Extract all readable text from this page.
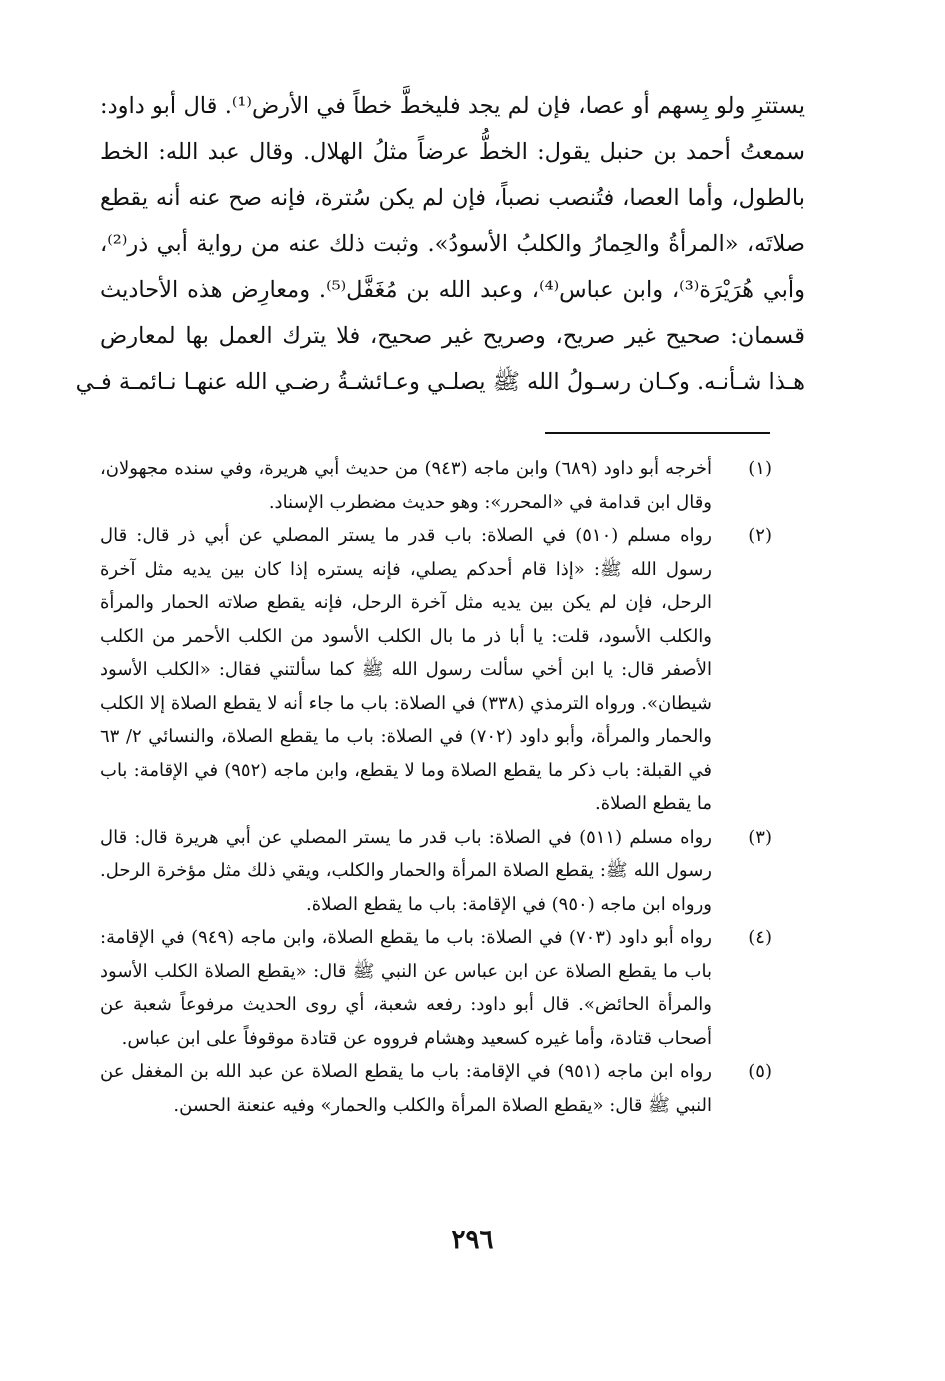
يستترِ ولو بِسهم أو عصا، فإن لم يجد فليخطَّ خطاً في الأرض⁽¹⁾. قال أبو داود:
سمعتُ أحمد بن حنبل يقول: الخطُّ عرضاً مثلُ الهلال. وقال عبد الله: الخط
بالطول، وأما العصا، فتُنصب نصباً، فإن لم يكن سُترة، فإنه صح عنه أنه يقطع
صلاتَه، «المرأةُ والحِمارُ والكلبُ الأسودُ». وثبت ذلك عنه من رواية أبي ذر⁽²⁾،
وأبي هُرَيْرَة⁽³⁾، وابن عباس⁽⁴⁾، وعبد الله بن مُغَفَّل⁽⁵⁾. ومعارِض هذه الأحاديث
قسمان: صحيح غير صريح، وصريح غير صحيح، فلا يترك العمل بها لمعارض
هـذا شـأنـه. وكـان رسـولُ الله ﷺ يصلـي وعـائشـةُ رضـي الله عنهـا نـائمـة فـي
(١)
أخرجه أبو داود (٦٨٩) وابن ماجه (٩٤٣) من حديث أبي هريرة، وفي سنده مجهولان، وقال ابن قدامة في «المحرر»: وهو حديث مضطرب الإسناد.
(٢)
رواه مسلم (٥١٠) في الصلاة: باب قدر ما يستر المصلي عن أبي ذر قال: قال رسول الله ﷺ: «إذا قام أحدكم يصلي، فإنه يستره إذا كان بين يديه مثل آخرة الرحل، فإن لم يكن بين يديه مثل آخرة الرحل، فإنه يقطع صلاته الحمار والمرأة والكلب الأسود، قلت: يا أبا ذر ما بال الكلب الأسود من الكلب الأحمر من الكلب الأصفر قال: يا ابن أخي سألت رسول الله ﷺ كما سألتني فقال: «الكلب الأسود شيطان». ورواه الترمذي (٣٣٨) في الصلاة: باب ما جاء أنه لا يقطع الصلاة إلا الكلب والحمار والمرأة، وأبو داود (٧٠٢) في الصلاة: باب ما يقطع الصلاة، والنسائي ٢/ ٦٣ في القبلة: باب ذكر ما يقطع الصلاة وما لا يقطع، وابن ماجه (٩٥٢) في الإقامة: باب ما يقطع الصلاة.
(٣)
رواه مسلم (٥١١) في الصلاة: باب قدر ما يستر المصلي عن أبي هريرة قال: قال رسول الله ﷺ: يقطع الصلاة المرأة والحمار والكلب، ويقي ذلك مثل مؤخرة الرحل. ورواه ابن ماجه (٩٥٠) في الإقامة: باب ما يقطع الصلاة.
(٤)
رواه أبو داود (٧٠٣) في الصلاة: باب ما يقطع الصلاة، وابن ماجه (٩٤٩) في الإقامة: باب ما يقطع الصلاة عن ابن عباس عن النبي ﷺ قال: «يقطع الصلاة الكلب الأسود والمرأة الحائض». قال أبو داود: رفعه شعبة، أي روى الحديث مرفوعاً شعبة عن أصحاب قتادة، وأما غيره كسعيد وهشام فرووه عن قتادة موقوفاً على ابن عباس.
(٥)
رواه ابن ماجه (٩٥١) في الإقامة: باب ما يقطع الصلاة عن عبد الله بن المغفل عن النبي ﷺ قال: «يقطع الصلاة المرأة والكلب والحمار» وفيه عنعنة الحسن.
٢٩٦
